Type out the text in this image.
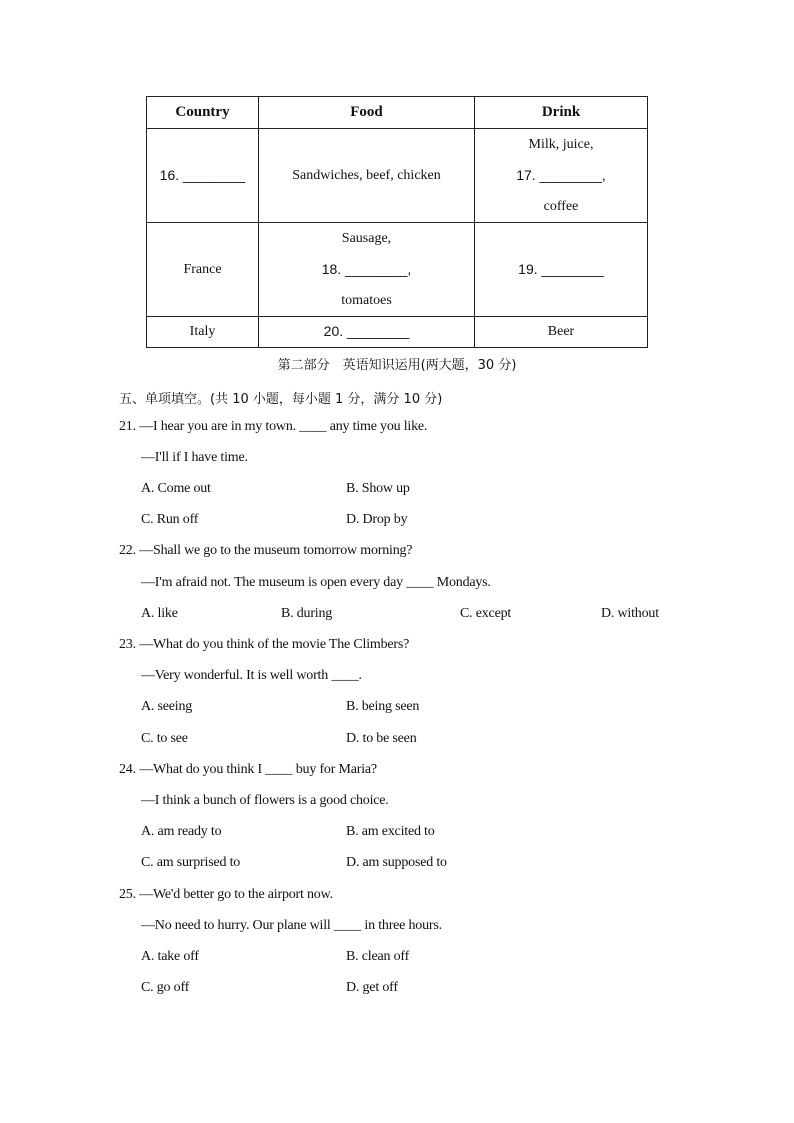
Country	Food	Drink

16. ________	Sandwiches, beef, chicken	Milk, juice,
17. ________,
coffee

France	Sausage,
18. ________,
tomatoes	19. ________

Italy	20. ________	Beer
第二部分　英语知识运用(两大题，30 分)
五、单项填空。(共 10 小题，每小题 1 分，满分 10 分)
21. —I hear you are in my town. ____ any time you like.
—I'll if I have time.
A. Come out	B. Show up
C. Run off	D. Drop by
22. —Shall we go to the museum tomorrow morning?
—I'm afraid not. The museum is open every day ____ Mondays.
A. like	B. during	C. except	D. without
23. —What do you think of the movie The Climbers?
—Very wonderful. It is well worth ____.
A. seeing	B. being seen
C. to see	D. to be seen
24. —What do you think I ____ buy for Maria?
—I think a bunch of flowers is a good choice.
A. am ready to	B. am excited to
C. am surprised to	D. am supposed to
25. —We'd better go to the airport now.
—No need to hurry. Our plane will ____ in three hours.
A. take off	B. clean off
C. go off	D. get off
